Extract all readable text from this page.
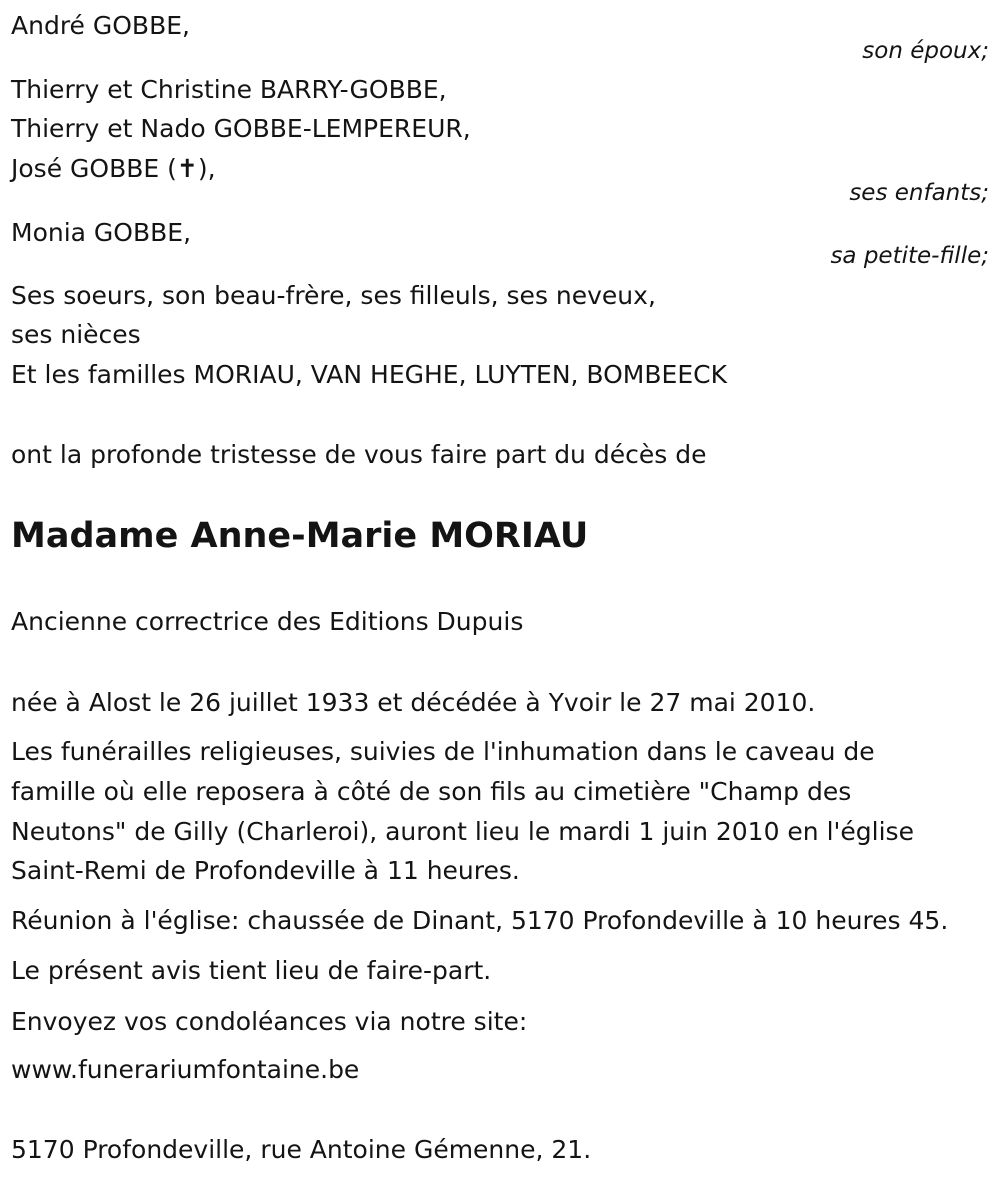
André GOBBE,
son époux;
Thierry et Christine BARRY-GOBBE,
Thierry et Nado GOBBE-LEMPEREUR,
José GOBBE (✝),
ses enfants;
Monia GOBBE,
sa petite-fille;
Ses soeurs, son beau-frère, ses filleuls, ses neveux,
ses nièces
Et les familles MORIAU, VAN HEGHE, LUYTEN, BOMBEECK
ont la profonde tristesse de vous faire part du décès de
Madame Anne-Marie MORIAU
Ancienne correctrice des Editions Dupuis
née à Alost le 26 juillet 1933 et décédée à Yvoir le 27 mai 2010.
Les funérailles religieuses, suivies de l'inhumation dans le caveau de
famille où elle reposera à côté de son fils au cimetière "Champ des
Neutons" de Gilly (Charleroi), auront lieu le mardi 1 juin 2010 en l'église
Saint-Remi de Profondeville à 11 heures.
Réunion à l'église: chaussée de Dinant, 5170 Profondeville à 10 heures 45.
Le présent avis tient lieu de faire-part.
Envoyez vos condoléances via notre site:
www.funerariumfontaine.be
5170 Profondeville, rue Antoine Gémenne, 21.
